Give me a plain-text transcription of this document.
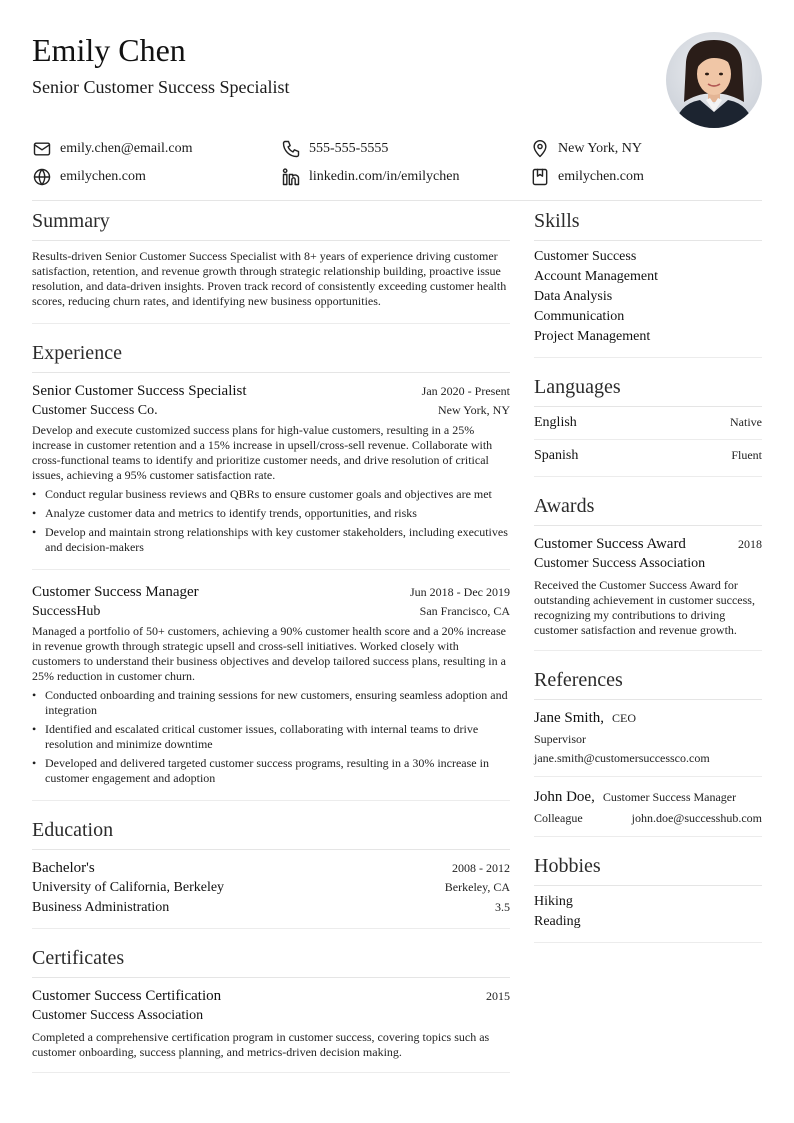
Emily Chen
Senior Customer Success Specialist
emily.chen@email.com	555-555-5555	New York, NY
emilychen.com	linkedin.com/in/emilychen	emilychen.com
Summary
Results-driven Senior Customer Success Specialist with 8+ years of experience driving customer satisfaction, retention, and revenue growth through strategic relationship building, proactive issue resolution, and data-driven insights. Proven track record of consistently exceeding customer health scores, reducing churn rates, and identifying new business opportunities.
Experience
Senior Customer Success Specialist	Jan 2020 - Present
Customer Success Co.	New York, NY
Develop and execute customized success plans for high-value customers, resulting in a 25% increase in customer retention and a 15% increase in upsell/cross-sell revenue. Collaborate with cross-functional teams to identify and prioritize customer needs, and drive resolution of critical issues, achieving a 95% customer satisfaction rate.
• Conduct regular business reviews and QBRs to ensure customer goals and objectives are met
• Analyze customer data and metrics to identify trends, opportunities, and risks
• Develop and maintain strong relationships with key customer stakeholders, including executives and decision-makers
Customer Success Manager	Jun 2018 - Dec 2019
SuccessHub	San Francisco, CA
Managed a portfolio of 50+ customers, achieving a 90% customer health score and a 20% increase in revenue growth through strategic upsell and cross-sell initiatives. Worked closely with customers to understand their business objectives and develop tailored success plans, resulting in a 25% reduction in customer churn.
• Conducted onboarding and training sessions for new customers, ensuring seamless adoption and integration
• Identified and escalated critical customer issues, collaborating with internal teams to drive resolution and minimize downtime
• Developed and delivered targeted customer success programs, resulting in a 30% increase in customer engagement and adoption
Education
Bachelor's	2008 - 2012
University of California, Berkeley	Berkeley, CA
Business Administration	3.5
Certificates
Customer Success Certification	2015
Customer Success Association
Completed a comprehensive certification program in customer success, covering topics such as customer onboarding, success planning, and metrics-driven decision making.
Skills
Customer Success
Account Management
Data Analysis
Communication
Project Management
Languages
English	Native
Spanish	Fluent
Awards
Customer Success Award	2018
Customer Success Association
Received the Customer Success Award for outstanding achievement in customer success, recognizing my contributions to driving customer satisfaction and revenue growth.
References
Jane Smith, CEO
Supervisor
jane.smith@customersuccessco.com
John Doe, Customer Success Manager
Colleague	john.doe@successhub.com
Hobbies
Hiking
Reading
